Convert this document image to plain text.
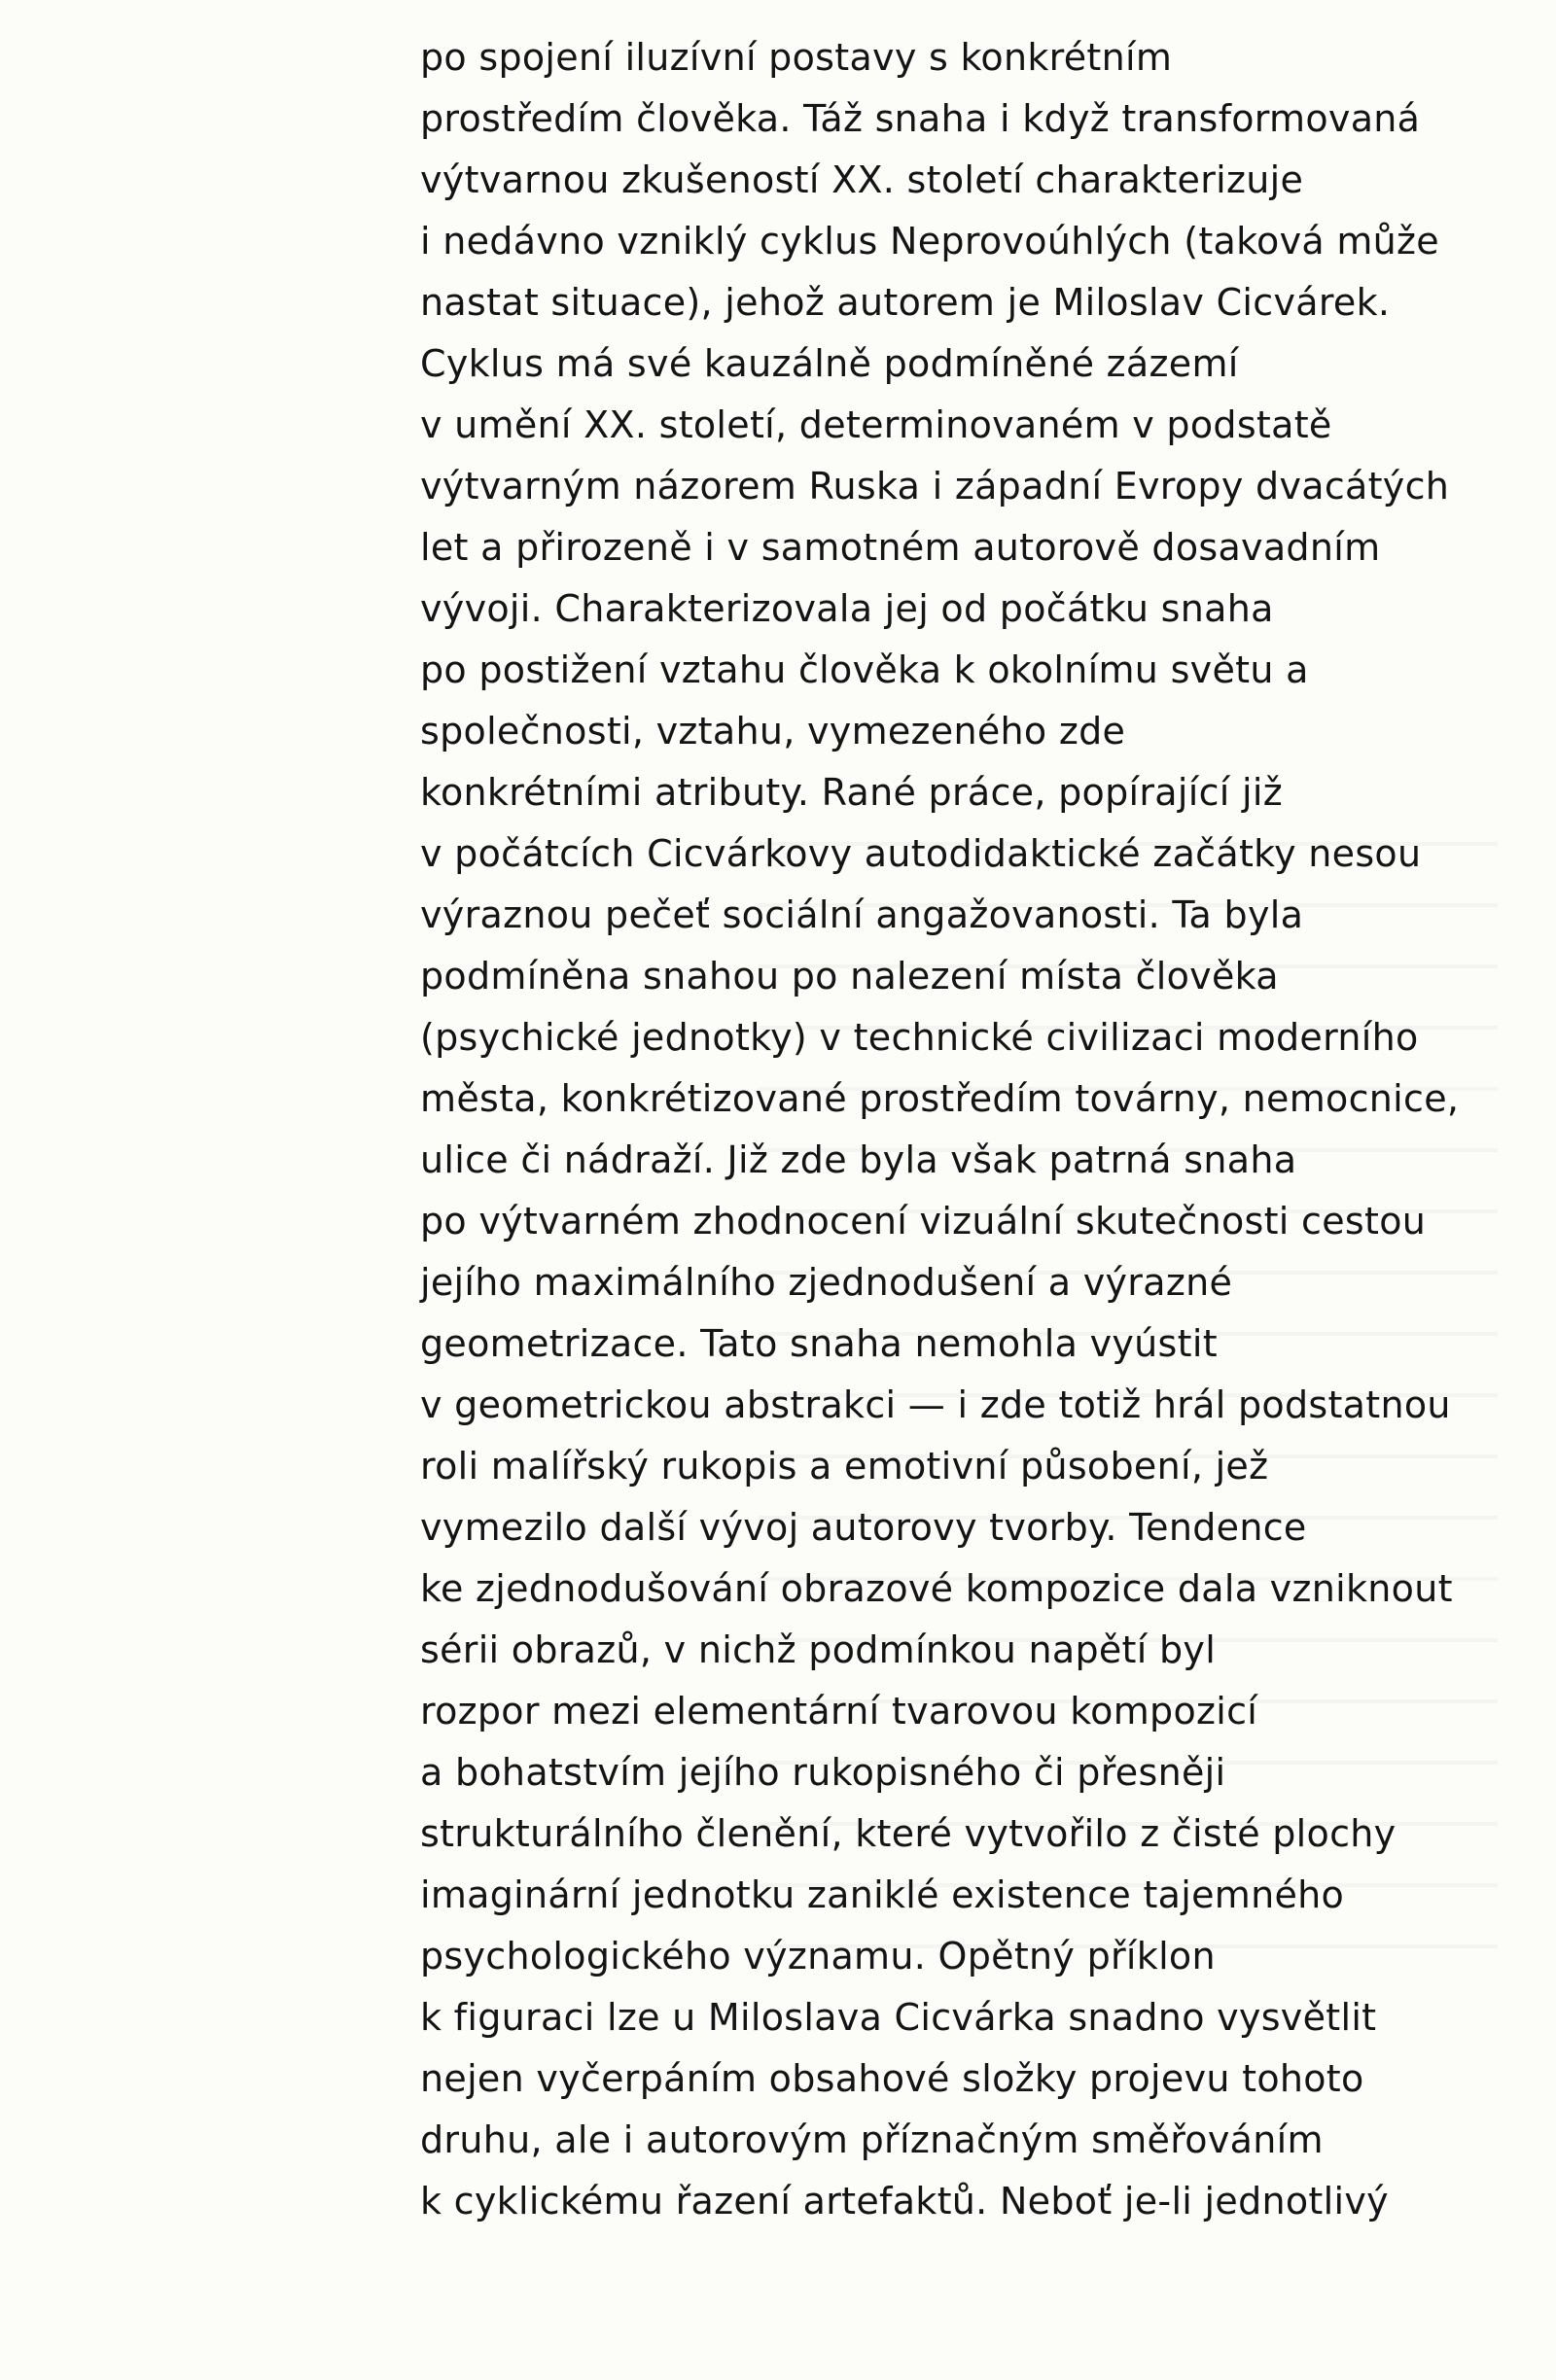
po spojení iluzívní postavy s konkrétním
prostředím člověka. Táž snaha i když transformovaná
výtvarnou zkušeností XX. století charakterizuje
i nedávno vzniklý cyklus Neprovoúhlých (taková může
nastat situace), jehož autorem je Miloslav Cicvárek.
Cyklus má své kauzálně podmíněné zázemí
v umění XX. století, determinovaném v podstatě
výtvarným názorem Ruska i západní Evropy dvacátých
let a přirozeně i v samotném autorově dosavadním
vývoji. Charakterizovala jej od počátku snaha
po postižení vztahu člověka k okolnímu světu a
společnosti, vztahu, vymezeného zde
konkrétními atributy. Rané práce, popírající již
v počátcích Cicvárkovy autodidaktické začátky nesou
výraznou pečeť sociální angažovanosti. Ta byla
podmíněna snahou po nalezení místa člověka
(psychické jednotky) v technické civilizaci moderního
města, konkrétizované prostředím továrny, nemocnice,
ulice či nádraží. Již zde byla však patrná snaha
po výtvarném zhodnocení vizuální skutečnosti cestou
jejího maximálního zjednodušení a výrazné
geometrizace. Tato snaha nemohla vyústit
v geometrickou abstrakci — i zde totiž hrál podstatnou
roli malířský rukopis a emotivní působení, jež
vymezilo další vývoj autorovy tvorby. Tendence
ke zjednodušování obrazové kompozice dala vzniknout
sérii obrazů, v nichž podmínkou napětí byl
rozpor mezi elementární tvarovou kompozicí
a bohatstvím jejího rukopisného či přesněji
strukturálního členění, které vytvořilo z čisté plochy
imaginární jednotku zaniklé existence tajemného
psychologického významu. Opětný příklon
k figuraci lze u Miloslava Cicvárka snadno vysvětlit
nejen vyčerpáním obsahové složky projevu tohoto
druhu, ale i autorovým příznačným směřováním
k cyklickému řazení artefaktů. Neboť je-li jednotlivý
